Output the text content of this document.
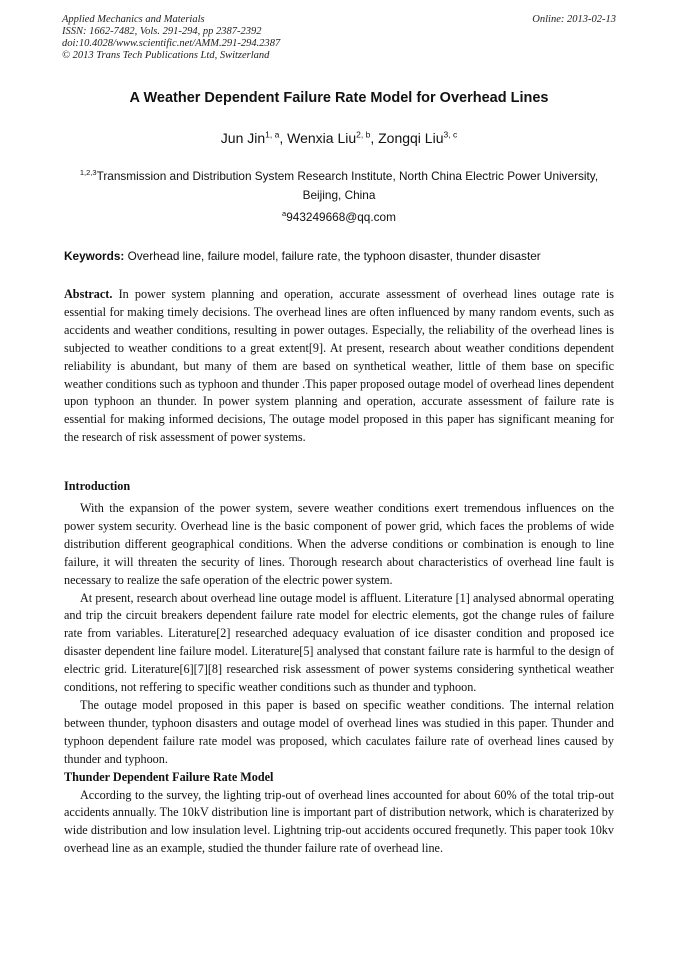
Applied Mechanics and Materials
ISSN: 1662-7482, Vols. 291-294, pp 2387-2392
doi:10.4028/www.scientific.net/AMM.291-294.2387
© 2013 Trans Tech Publications Ltd, Switzerland
Online: 2013-02-13
A Weather Dependent Failure Rate Model for Overhead Lines
Jun Jin$^{1, a}$, Wenxia Liu$^{2, b}$, Zongqi Liu$^{3, c}$
$^{1,2,3}$Transmission and Distribution System Research Institute, North China Electric Power University, Beijing, China
$^a$943249668@qq.com
Keywords: Overhead line, failure model, failure rate, the typhoon disaster, thunder disaster

Abstract. In power system planning and operation, accurate assessment of overhead lines outage rate is essential for making timely decisions. The overhead lines are often influenced by many random events, such as accidents and weather conditions, resulting in power outages. Especially, the reliability of the overhead lines is subjected to weather conditions to a great extent[9]. At present, research about weather conditions dependent reliability is abundant, but many of them are based on synthetical weather, little of them base on specific weather conditions such as typhoon and thunder .This paper proposed outage model of overhead lines dependent upon typhoon an thunder. In power system planning and operation, accurate assessment of failure rate is essential for making informed decisions, The outage model proposed in this paper has significant meaning for the research of risk assessment of power systems.

Introduction

With the expansion of the power system, severe weather conditions exert tremendous influences on the power system security. Overhead line is the basic component of power grid, which faces the problems of wide distribution different geographical conditions. When the adverse conditions or combination is enough to line failure, it will threaten the security of lines. Thorough research about characteristics of overhead line fault is necessary to realize the safe operation of the electric power system.

At present, research about overhead line outage model is affluent. Literature [1] analysed abnormal operating and trip the circuit breakers dependent failure rate model for electric elements, got the change rules of failure rate from variables. Literature[2] researched adequacy evaluation of ice disaster condition and proposed ice disaster dependent line failure model. Literature[5] analysed that constant failure rate is harmful to the design of electric grid. Literature[6][7][8] researched risk assessment of power systems considering synthetical weather conditions, not reffering to specific weather conditions such as thunder and typhoon.

The outage model proposed in this paper is based on specific weather conditions. The internal relation between thunder, typhoon disasters and outage model of overhead lines was studied in this paper. Thunder and typhoon dependent failure rate model was proposed, which caculates failure rate of overhead lines caused by thunder and typhoon.

Thunder Dependent Failure Rate Model

According to the survey, the lighting trip-out of overhead lines accounted for about 60% of the total trip-out accidents annually. The 10kV distribution line is important part of distribution network, which is charaterized by wide distribution and low insulation level. Lightning trip-out accidents occured frequnetly. This paper took 10kv overhead line as an example, studied the thunder failure rate of overhead line.
